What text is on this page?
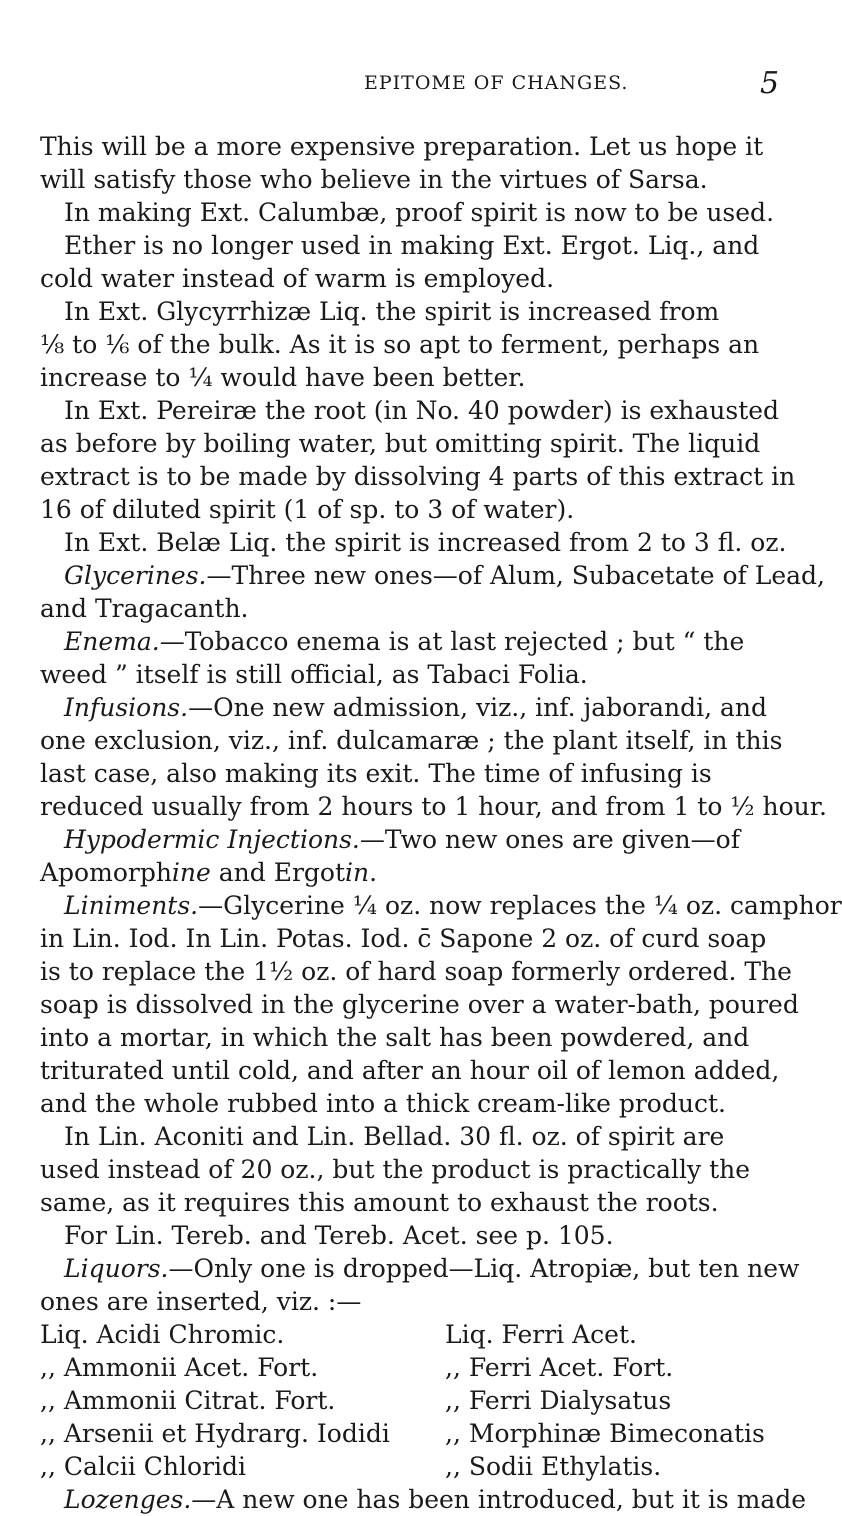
EPITOME OF CHANGES.	5
This will be a more expensive preparation. Let us hope it
will satisfy those who believe in the virtues of Sarsa.
In making Ext. Calumbæ, proof spirit is now to be used.
Ether is no longer used in making Ext. Ergot. Liq., and
cold water instead of warm is employed.
In Ext. Glycyrrhizæ Liq. the spirit is increased from
⅛ to ⅙ of the bulk. As it is so apt to ferment, perhaps an
increase to ¼ would have been better.
In Ext. Pereiræ the root (in No. 40 powder) is exhausted
as before by boiling water, but omitting spirit. The liquid
extract is to be made by dissolving 4 parts of this extract in
16 of diluted spirit (1 of sp. to 3 of water).
In Ext. Belæ Liq. the spirit is increased from 2 to 3 fl. oz.
Glycerines.—Three new ones—of Alum, Subacetate of Lead,
and Tragacanth.
Enema.—Tobacco enema is at last rejected ; but “ the
weed ” itself is still official, as Tabaci Folia.
Infusions.—One new admission, viz., inf. jaborandi, and
one exclusion, viz., inf. dulcamaræ ; the plant itself, in this
last case, also making its exit. The time of infusing is
reduced usually from 2 hours to 1 hour, and from 1 to ½ hour.
Hypodermic Injections.—Two new ones are given—of
Apomorphine and Ergotin.
Liniments.—Glycerine ¼ oz. now replaces the ¼ oz. camphor
in Lin. Iod. In Lin. Potas. Iod. c̄ Sapone 2 oz. of curd soap
is to replace the 1½ oz. of hard soap formerly ordered. The
soap is dissolved in the glycerine over a water-bath, poured
into a mortar, in which the salt has been powdered, and
triturated until cold, and after an hour oil of lemon added,
and the whole rubbed into a thick cream-like product.
In Lin. Aconiti and Lin. Bellad. 30 fl. oz. of spirit are
used instead of 20 oz., but the product is practically the
same, as it requires this amount to exhaust the roots.
For Lin. Tereb. and Tereb. Acet. see p. 105.
Liquors.—Only one is dropped—Liq. Atropiæ, but ten new
ones are inserted, viz. :—
Liq. Acidi Chromic.	Liq. Ferri Acet.
,, Ammonii Acet. Fort.	,, Ferri Acet. Fort.
,, Ammonii Citrat. Fort.	,, Ferri Dialysatus
,, Arsenii et Hydrarg. Iodidi ,, Morphinæ Bimeconatis
,, Calcii Chloridi	,, Sodii Ethylatis.
Lozenges.—A new one has been introduced, but it is made
